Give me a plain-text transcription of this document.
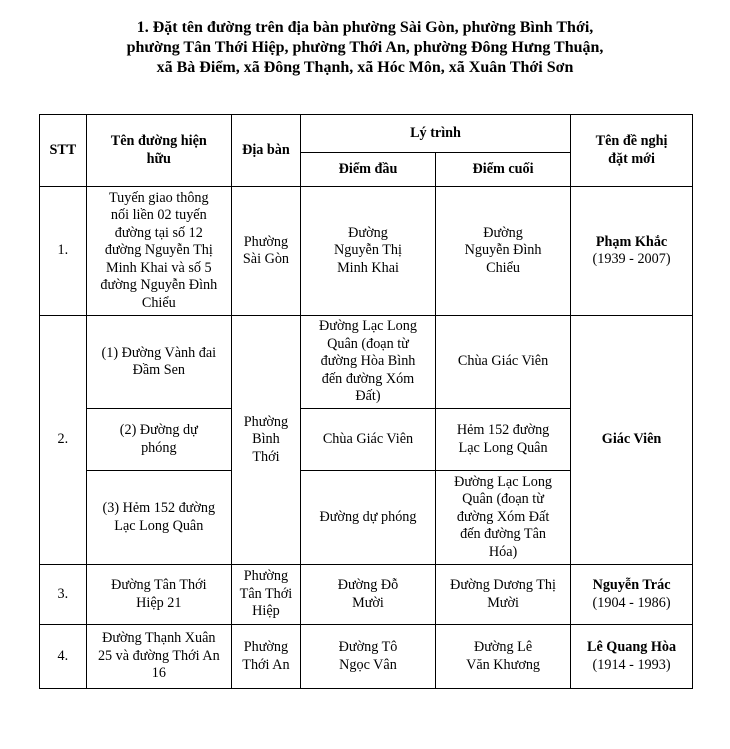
1. Đặt tên đường trên địa bàn phường Sài Gòn, phường Bình Thới,
phường Tân Thới Hiệp, phường Thới An, phường Đông Hưng Thuận,
xã Bà Điểm, xã Đông Thạnh, xã Hóc Môn, xã Xuân Thới Sơn
STT	Tên đường hiện hữu	Địa bàn	Lý trình		Tên đề nghị đặt mới
			Điểm đầu	Điểm cuối	
1.	Tuyến giao thông nối liền 02 tuyến đường tại số 12 đường Nguyễn Thị Minh Khai và số 5 đường Nguyễn Đình Chiểu	Phường Sài Gòn	Đường Nguyễn Thị Minh Khai	Đường Nguyễn Đình Chiểu	Phạm Khắc
(1939 - 2007)

2.	(1) Đường Vành đai Đầm Sen	Phường Bình Thới	Đường Lạc Long Quân (đoạn từ đường Hòa Bình đến đường Xóm Đất)	Chùa Giác Viên	Giác Viên
	(2) Đường dự phóng		Chùa Giác Viên	Hẻm 152 đường Lạc Long Quân	
	(3) Hẻm 152 đường Lạc Long Quân		Đường dự phóng	Đường Lạc Long Quân (đoạn từ đường Xóm Đất đến đường Tân Hóa)	
3.	Đường Tân Thới Hiệp 21	Phường Tân Thới Hiệp	Đường Đỗ Mười	Đường Dương Thị Mười	Nguyễn Trác
(1904 - 1986)

4.	Đường Thạnh Xuân 25 và đường Thới An 16	Phường Thới An	Đường Tô Ngọc Vân	Đường Lê Văn Khương	Lê Quang Hòa
(1914 - 1993)
